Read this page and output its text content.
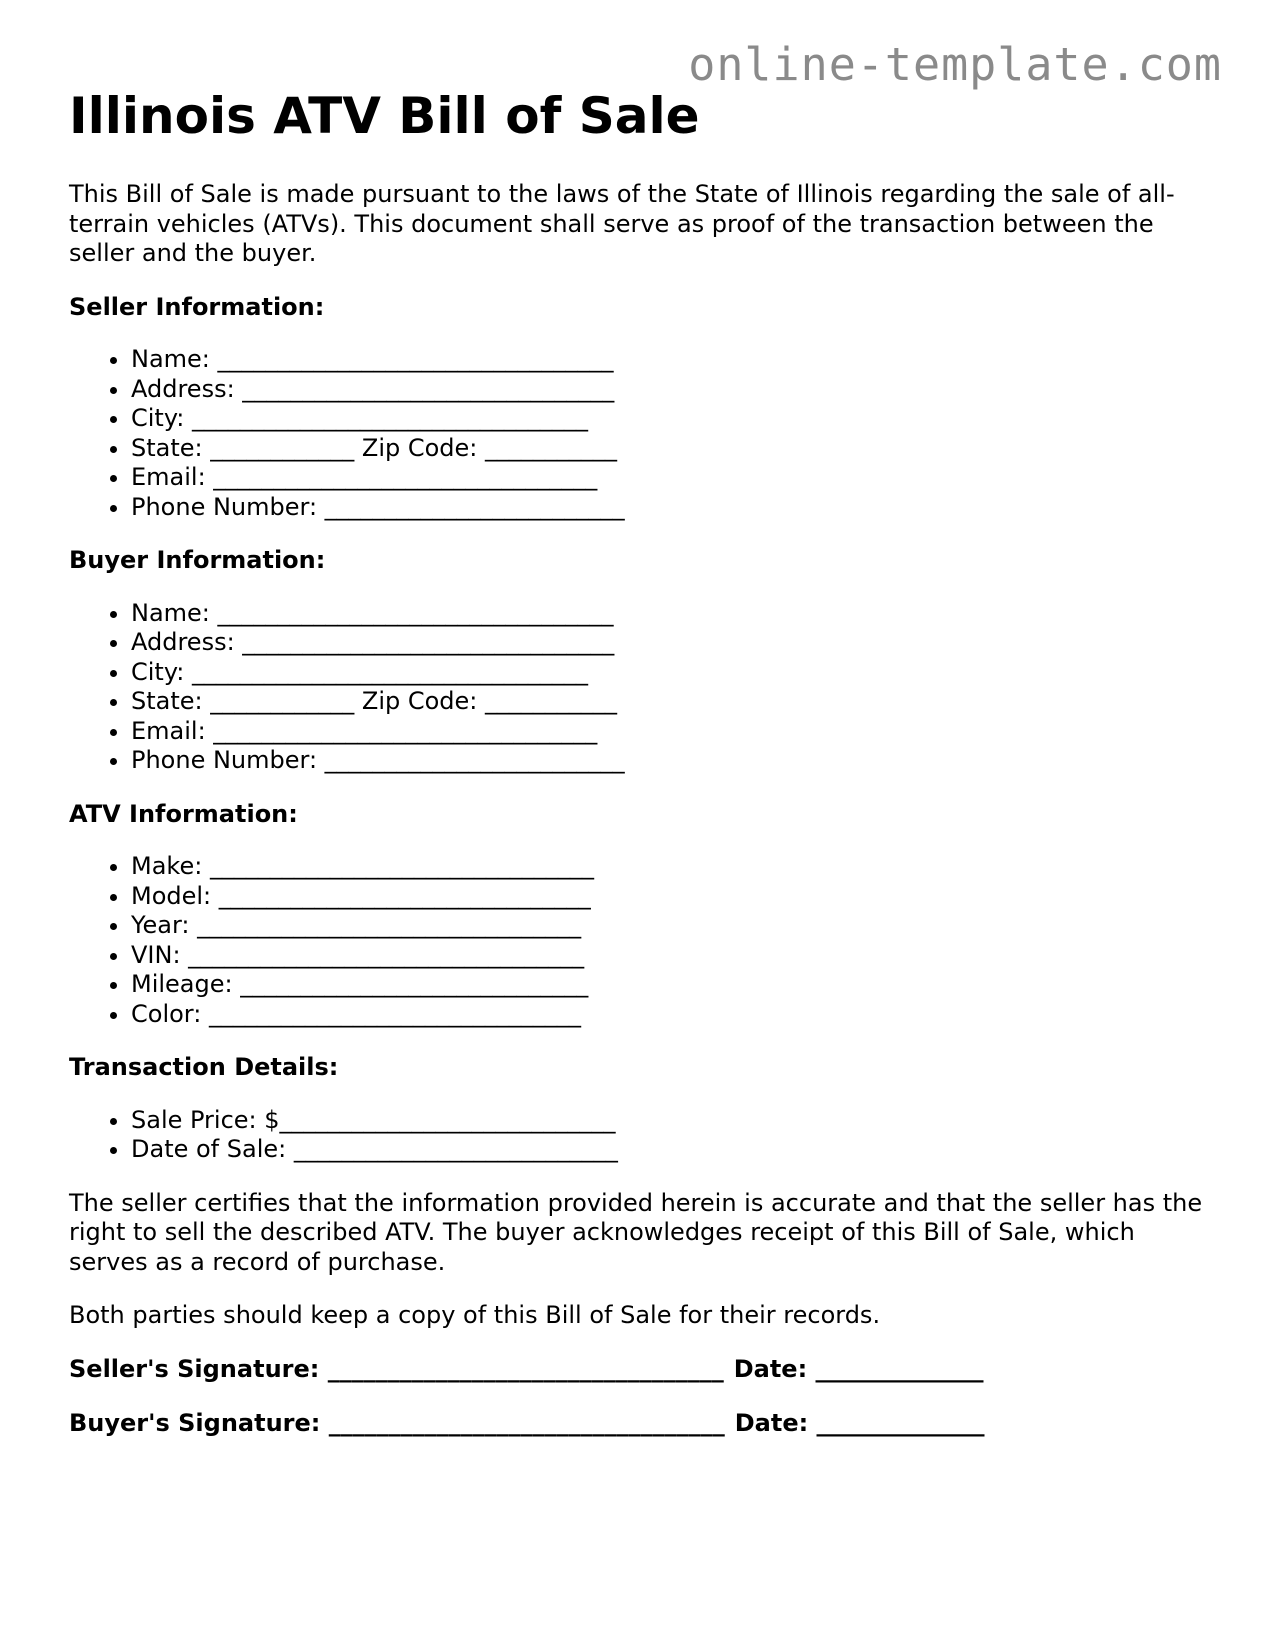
online-template.com
Illinois ATV Bill of Sale

This Bill of Sale is made pursuant to the laws of the State of Illinois regarding the sale of all-terrain vehicles (ATVs). This document shall serve as proof of the transaction between the seller and the buyer.

Seller Information:
• Name: _________________________________
• Address: _______________________________
• City: _________________________________
• State: ____________ Zip Code: ___________
• Email: ________________________________
• Phone Number: _________________________
Buyer Information:
• Name: _________________________________
• Address: _______________________________
• City: _________________________________
• State: ____________ Zip Code: ___________
• Email: ________________________________
• Phone Number: _________________________
ATV Information:
• Make: ________________________________
• Model: _______________________________
• Year: ________________________________
• VIN: _________________________________
• Mileage: _____________________________
• Color: _______________________________
Transaction Details:
• Sale Price: $____________________________
• Date of Sale: ___________________________

The seller certifies that the information provided herein is accurate and that the seller has the right to sell the described ATV. The buyer acknowledges receipt of this Bill of Sale, which serves as a record of purchase.

Both parties should keep a copy of this Bill of Sale for their records.

Seller's Signature: _________________________________ Date: ______________
Buyer's Signature: _________________________________ Date: ______________
